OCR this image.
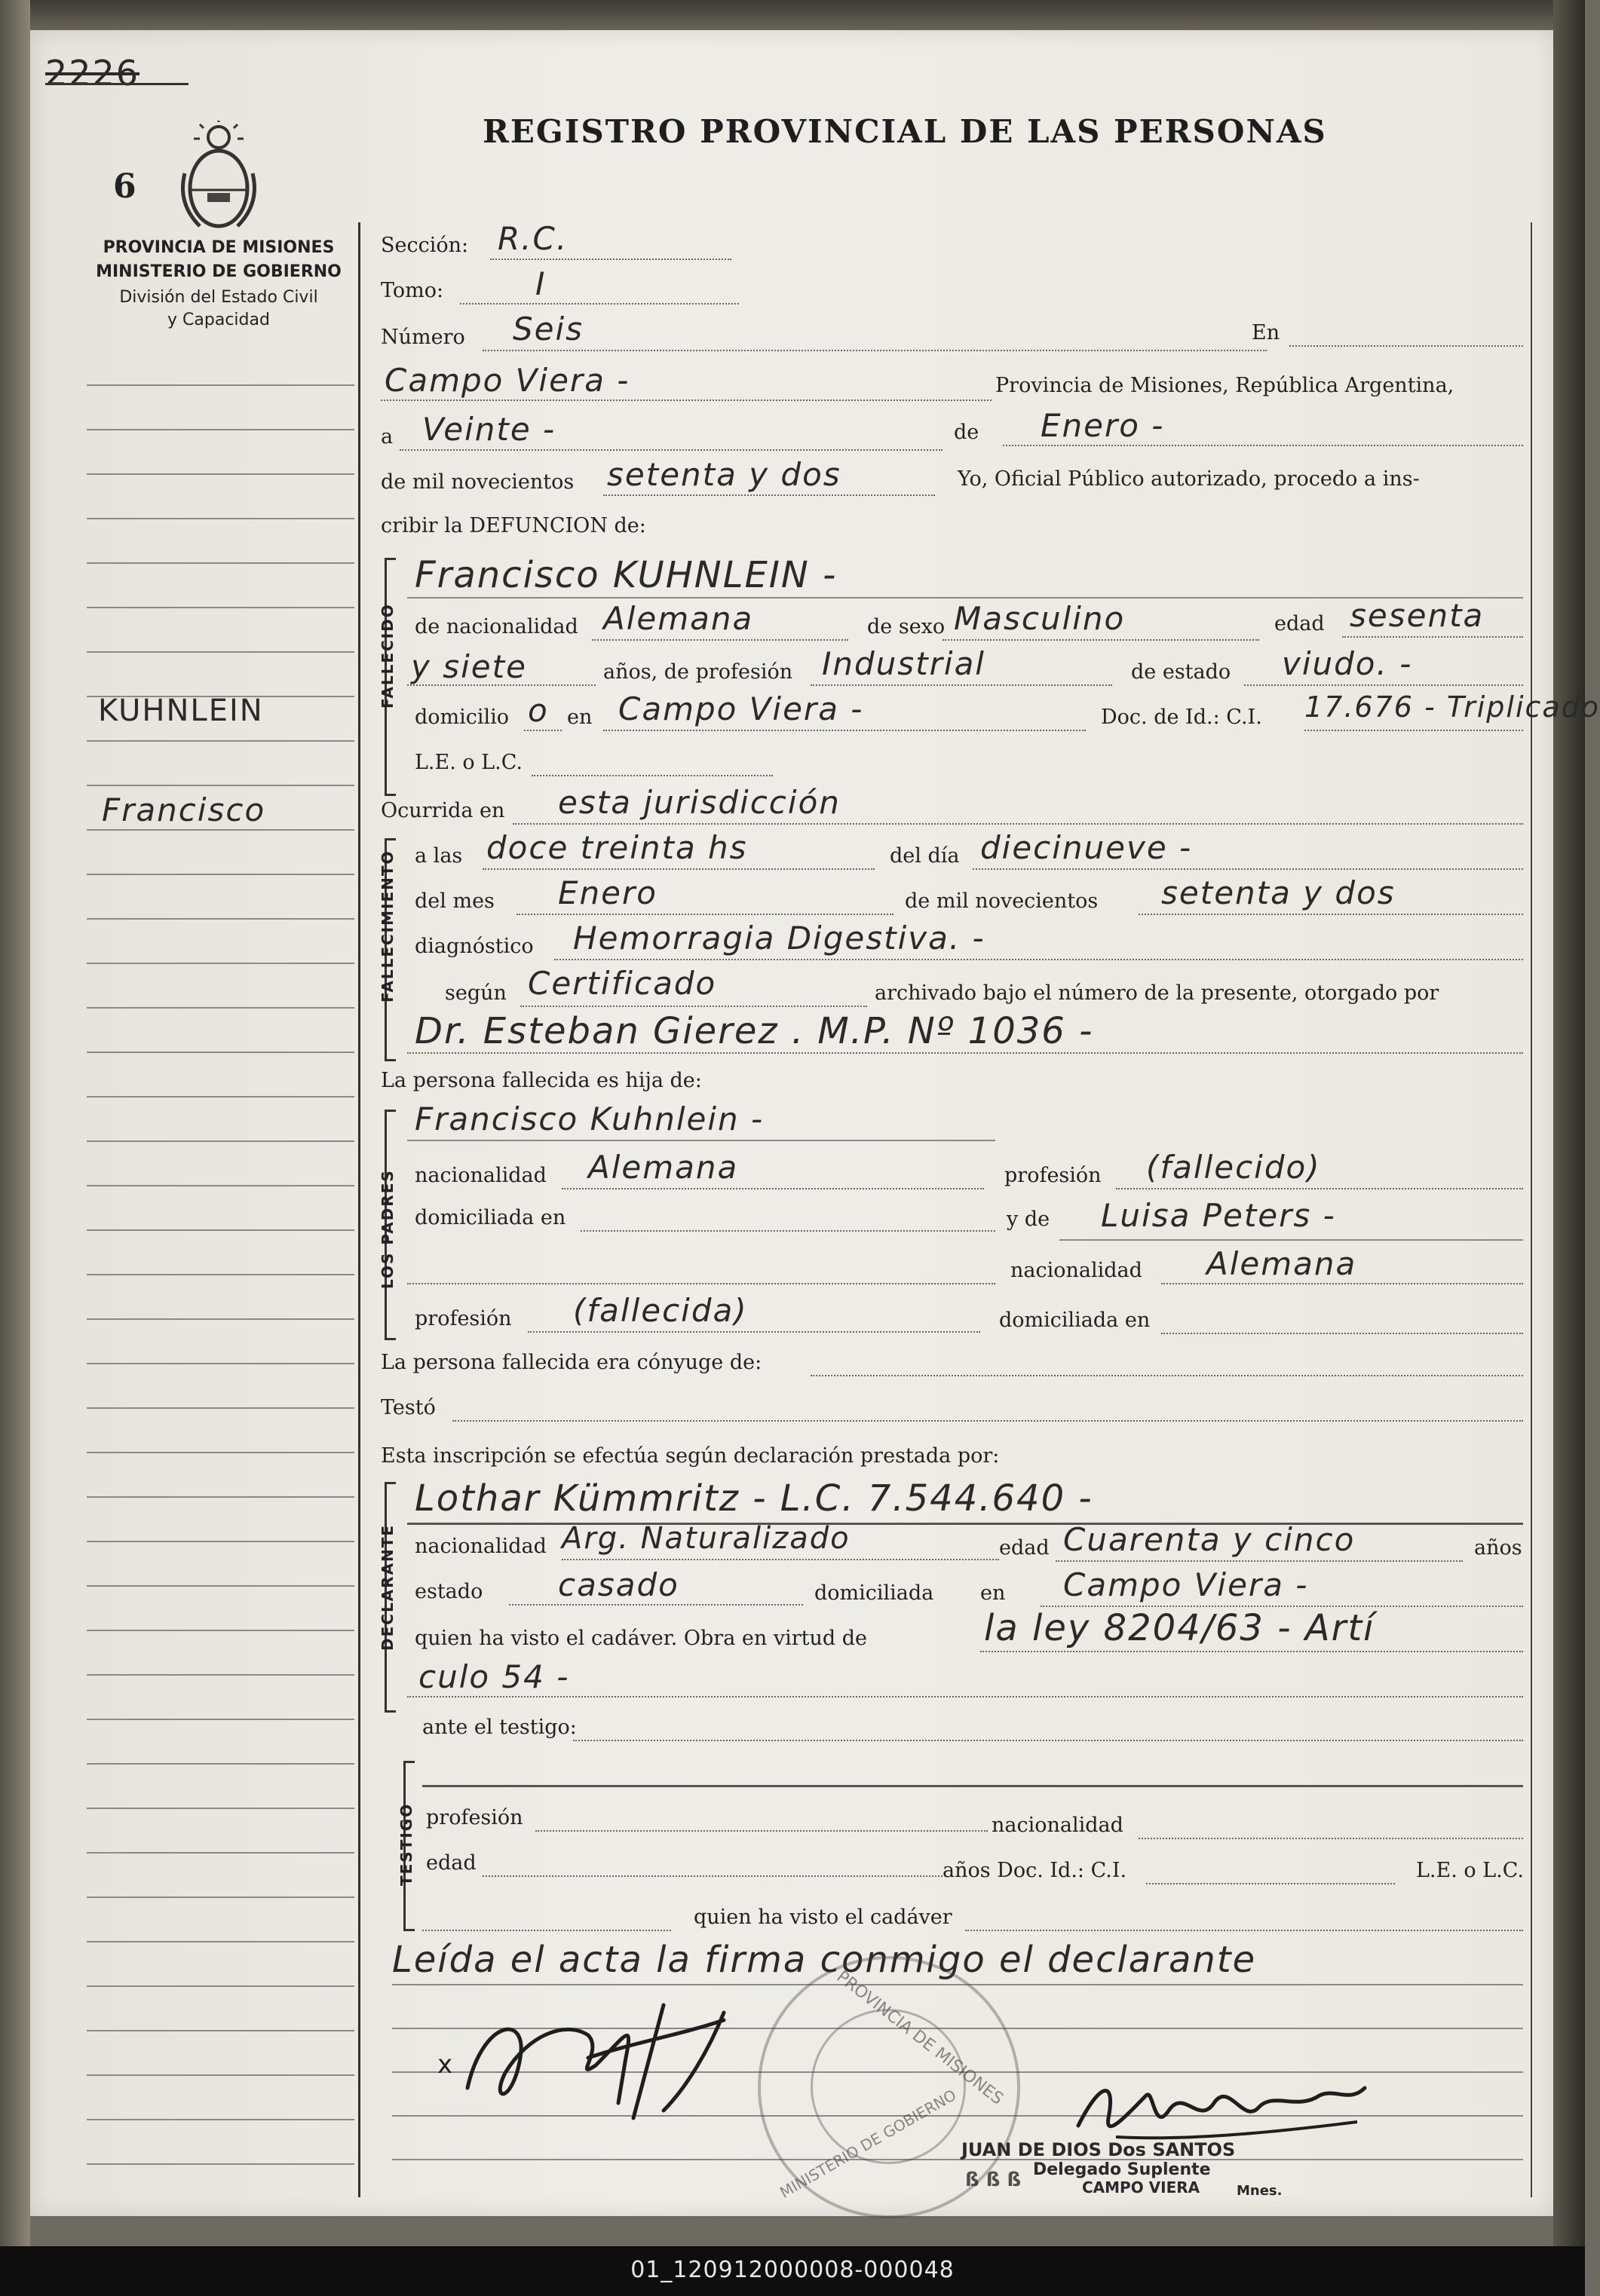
2226
REGISTRO PROVINCIAL DE LAS PERSONAS
6
PROVINCIA DE MISIONES
MINISTERIO DE GOBIERNO
División del Estado Civil
y Capacidad
KUHNLEIN
Francisco
Sección: R.C.
Tomo:	I
Número Seis	En
Campo Viera -	Provincia de Misiones, República Argentina,
a Veinte -	de Enero -
de mil novecientos setenta y dos	Yo, Oficial Público autorizado, procedo a ins-
cribir la DEFUNCION de:
FALLECIDO
Francisco KUHNLEIN -
de nacionalidad Alemana	de sexo Masculino	edad sesenta
y siete	años, de profesión Industrial	de estado viudo. -
domicilio o en Campo Viera -	Doc. de Id.: C.I. 17.676 - Triplicado
L.E. o L.C.
Ocurrida en esta jurisdicción
FALLECIMIENTO a las doce treinta hs	del día diecinueve -
del mes Enero	de mil novecientos setenta y dos
diagnóstico Hemorragia Digestiva. -
según Certificado	archivado bajo el número de la presente, otorgado por
Dr. Esteban Gierez . M.P. Nº 1036 -
La persona fallecida es hija de:
LOS PADRES
Francisco Kuhnlein -
nacionalidad Alemana	profesión (fallecido)
domiciliada en	y de Luisa Peters -
nacionalidad Alemana
profesión (fallecida)	domiciliada en
La persona fallecida era cónyuge de:
Testó
Esta inscripción se efectúa según declaración prestada por:
DECLARANTE
Lothar Kümmritz - L.C. 7.544.640 -
nacionalidad Arg. Naturalizado	edad Cuarenta y cinco	años
estado casado	domiciliada en Campo Viera -
quien ha visto el cadáver. Obra en virtud de	la ley 8204/63 - Artí
culo 54 -
ante el testigo:
TESTIGO profesión	nacionalidad
edad	años Doc. Id.: C.I.	L.E. o L.C.
quien ha visto el cadáver
Leída el acta la firma conmigo el declarante
PROVINCIA DE MISIONES
MINISTERIO DE GOBIERNO
x
JUAN DE DIOS Dos SANTOS
Delegado Suplente
CAMPO VIERA	Mnes.
ß ß ß
01_120912000008-000048
